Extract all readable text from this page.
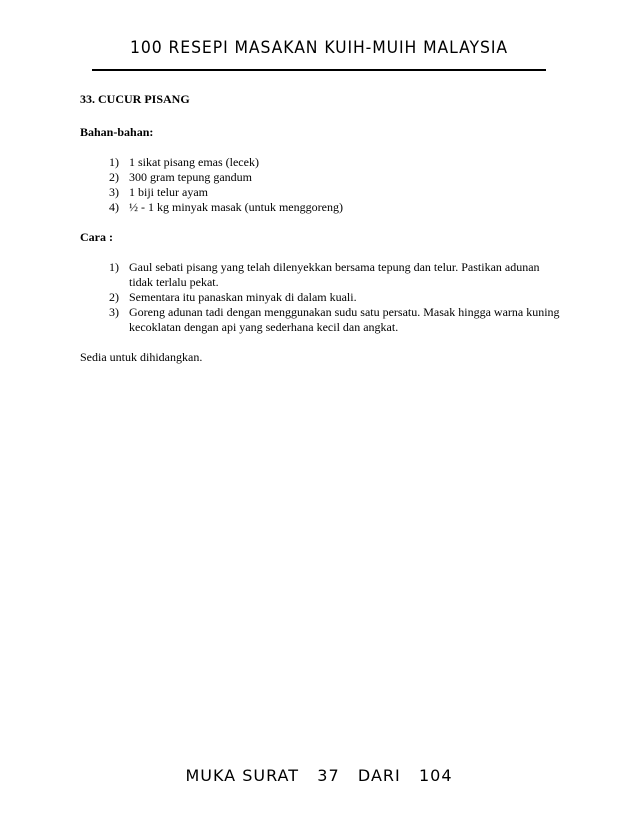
100 RESEPI MASAKAN KUIH-MUIH MALAYSIA
33. CUCUR PISANG
Bahan-bahan:
1) 1 sikat pisang emas (lecek)
2) 300 gram tepung gandum
3) 1 biji telur ayam
4) ½ - 1 kg minyak masak (untuk menggoreng)
Cara :
1) Gaul sebati pisang yang telah dilenyekkan bersama tepung dan telur. Pastikan adunan tidak terlalu pekat.
2) Sementara itu panaskan minyak di dalam kuali.
3) Goreng adunan tadi dengan menggunakan sudu satu persatu. Masak hingga warna kuning kecoklatan dengan api yang sederhana kecil dan angkat.
Sedia untuk dihidangkan.
MUKA SURAT 37 DARI 104
